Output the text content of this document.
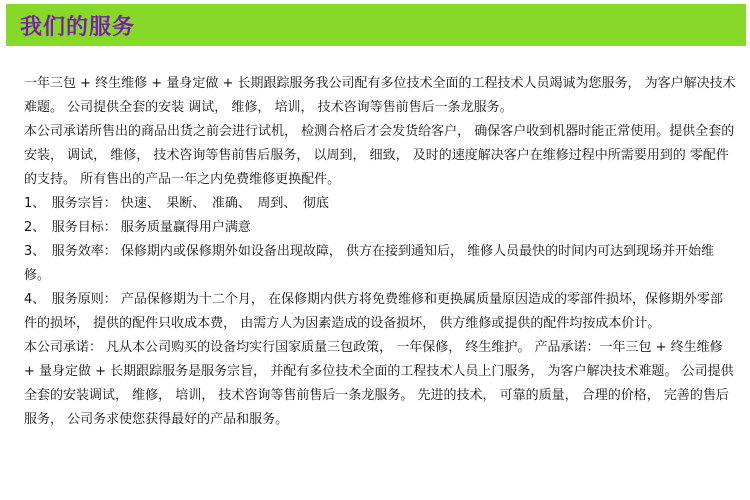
我们的服务

一年三包 + 终生维修 + 量身定做 + 长期跟踪服务我公司配有多位技术全面的工程技术人员竭诚为您服务， 为客户解决技术难题。 公司提供全套的安装 调试， 维修， 培训， 技术咨询等售前售后一条龙服务。

本公司承诺所售出的商品出货之前会进行试机， 检测合格后才会发货给客户， 确保客户收到机器时能正常使用。提供全套的安装， 调试， 维修， 技术咨询等售前售后服务， 以周到， 细致， 及时的速度解决客户在维修过程中所需要用到的 零配件的支持。 所有售出的产品一年之内免费维修更换配件。

1、　服务宗旨： 快速、　果断、　准确、　周到、　彻底

2、　服务目标： 服务质量赢得用户满意

3、　服务效率： 保修期内或保修期外如设备出现故障， 供方在接到通知后， 维修人员最快的时间内可达到现场并开始维修。

4、　服务原则： 产品保修期为十二个月， 在保修期内供方将免费维修和更换属质量原因造成的零部件损坏，保修期外零部件的损坏， 提供的配件只收成本费， 由需方人为因素造成的设备损坏， 供方维修或提供的配件均按成本价计。

本公司承诺： 凡从本公司购买的设备均实行国家质量三包政策， 一年保修， 终生维护。 产品承诺：一年三包 + 终生维修 + 量身定做 + 长期跟踪服务是服务宗旨， 并配有多位技术全面的工程技术人员上门服务， 为客户解决技术难题。 公司提供全套的安装调试， 维修， 培训， 技术咨询等售前售后一条龙服务。 先进的技术， 可靠的质量， 合理的价格， 完善的售后服务， 公司务求使您获得最好的产品和服务。
